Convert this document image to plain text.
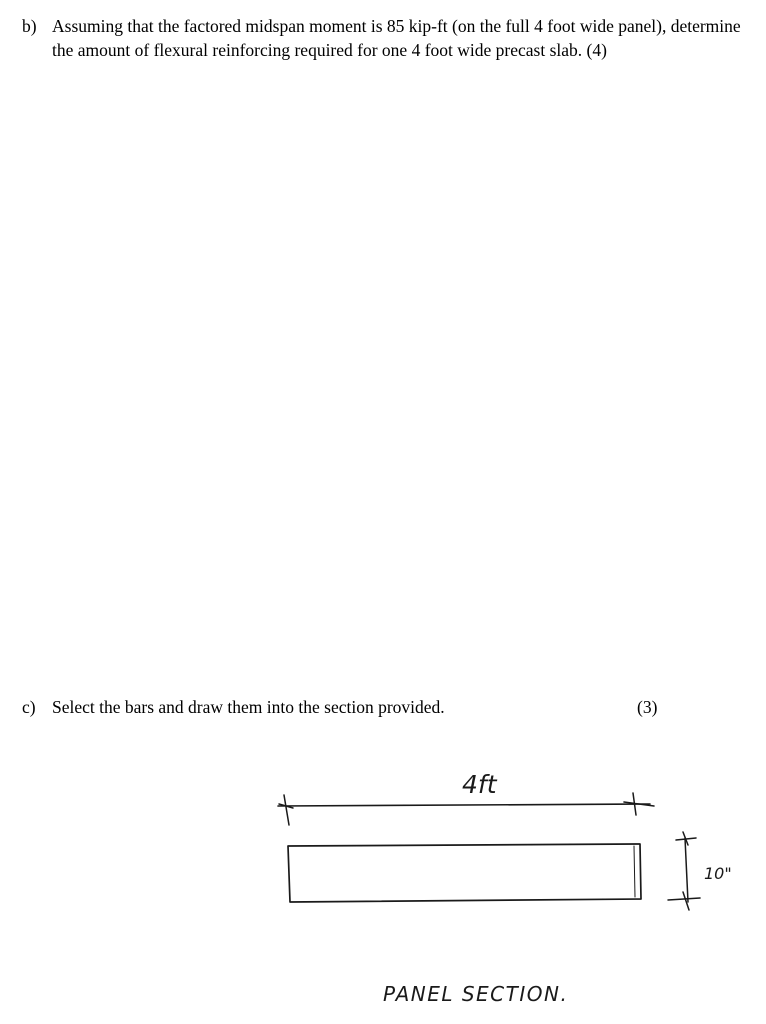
b) Assuming that the factored midspan moment is 85 kip-ft (on the full 4 foot wide panel), determine the amount of flexural reinforcing required for one 4 foot wide precast slab. (4)
c) Select the bars and draw them into the section provided.	(3)
4ft
10"
PANEL SECTION.
